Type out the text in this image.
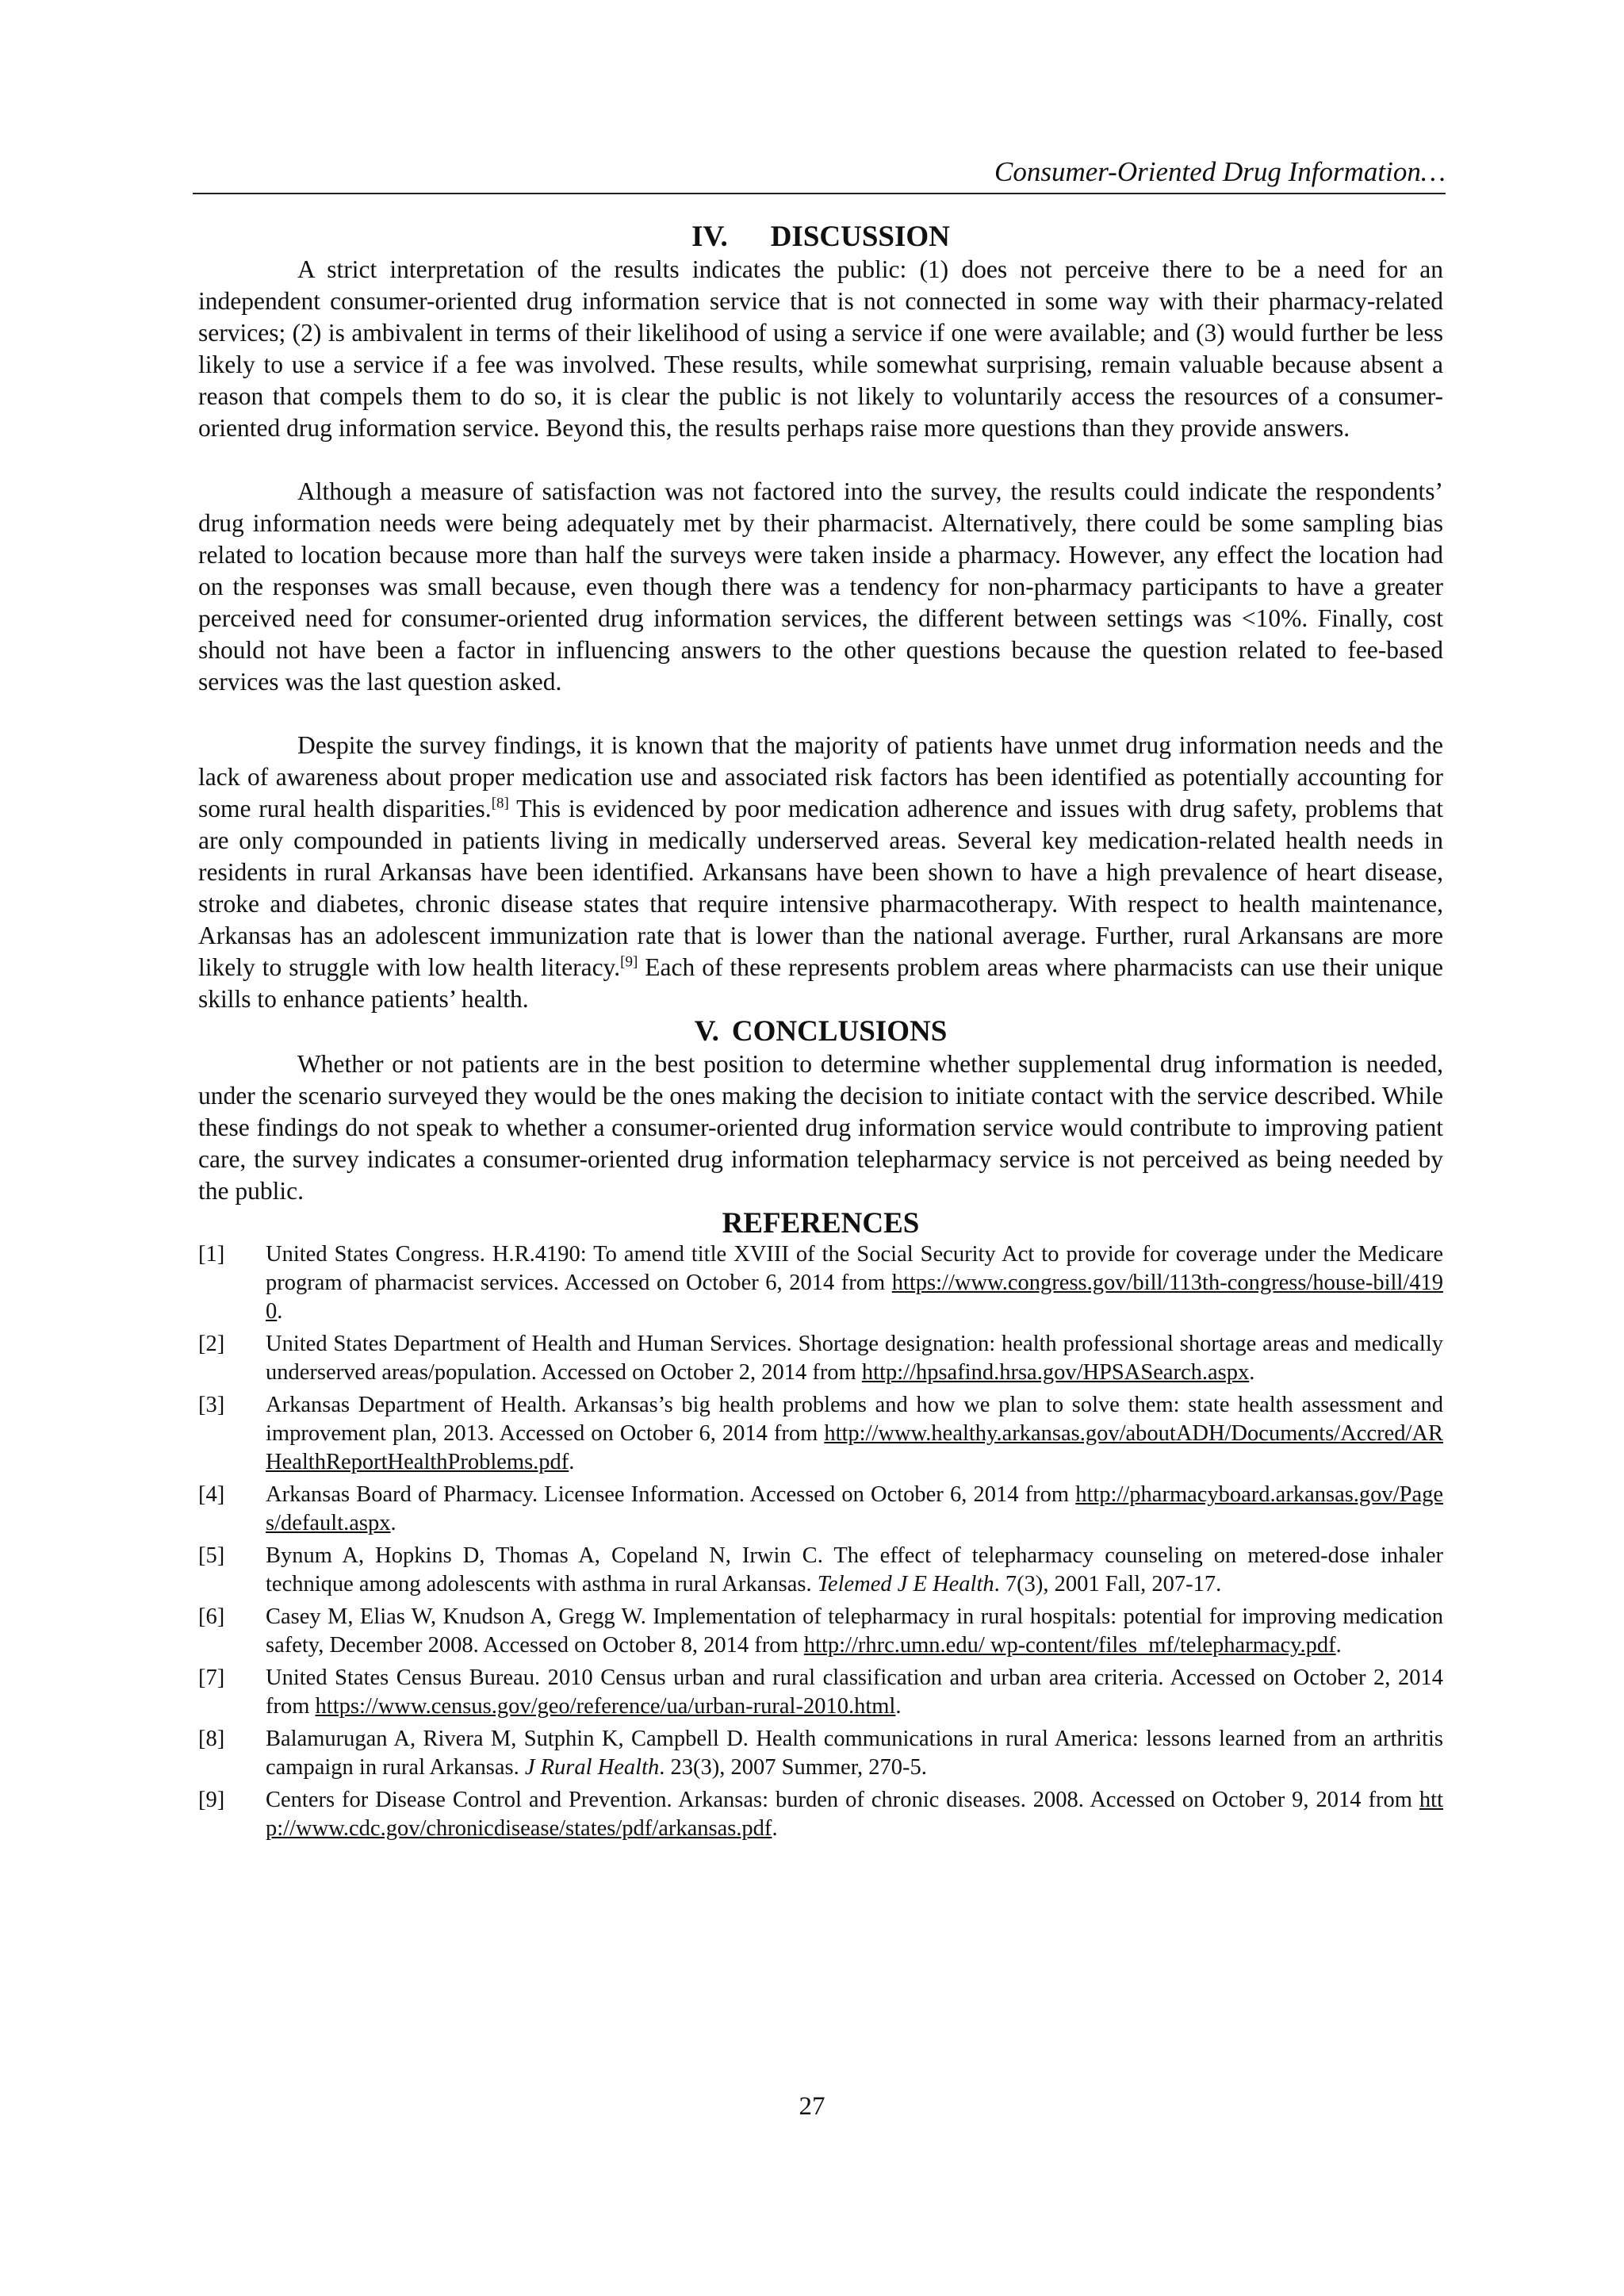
Consumer-Oriented Drug Information…
IV. DISCUSSION

A strict interpretation of the results indicates the public: (1) does not perceive there to be a need for an independent consumer-oriented drug information service that is not connected in some way with their pharmacy-related services; (2) is ambivalent in terms of their likelihood of using a service if one were available; and (3) would further be less likely to use a service if a fee was involved. These results, while somewhat surprising, remain valuable because absent a reason that compels them to do so, it is clear the public is not likely to voluntarily access the resources of a consumer-oriented drug information service. Beyond this, the results perhaps raise more questions than they provide answers.

Although a measure of satisfaction was not factored into the survey, the results could indicate the respondents’ drug information needs were being adequately met by their pharmacist. Alternatively, there could be some sampling bias related to location because more than half the surveys were taken inside a pharmacy. However, any effect the location had on the responses was small because, even though there was a tendency for non-pharmacy participants to have a greater perceived need for consumer-oriented drug information services, the different between settings was <10%. Finally, cost should not have been a factor in influencing answers to the other questions because the question related to fee-based services was the last question asked.

Despite the survey findings, it is known that the majority of patients have unmet drug information needs and the lack of awareness about proper medication use and associated risk factors has been identified as potentially accounting for some rural health disparities.[8] This is evidenced by poor medication adherence and issues with drug safety, problems that are only compounded in patients living in medically underserved areas. Several key medication-related health needs in residents in rural Arkansas have been identified. Arkansans have been shown to have a high prevalence of heart disease, stroke and diabetes, chronic disease states that require intensive pharmacotherapy. With respect to health maintenance, Arkansas has an adolescent immunization rate that is lower than the national average. Further, rural Arkansans are more likely to struggle with low health literacy.[9] Each of these represents problem areas where pharmacists can use their unique skills to enhance patients’ health.

V. CONCLUSIONS

Whether or not patients are in the best position to determine whether supplemental drug information is needed, under the scenario surveyed they would be the ones making the decision to initiate contact with the service described. While these findings do not speak to whether a consumer-oriented drug information service would contribute to improving patient care, the survey indicates a consumer-oriented drug information telepharmacy service is not perceived as being needed by the public.

REFERENCES
[1] United States Congress. H.R.4190: To amend title XVIII of the Social Security Act to provide for coverage under the Medicare program of pharmacist services. Accessed on October 6, 2014 from https://www.congress.gov/bill/113th-congress/house-bill/4190.
[2] United States Department of Health and Human Services. Shortage designation: health professional shortage areas and medically underserved areas/population. Accessed on October 2, 2014 from http://hpsafind.hrsa.gov/HPSASearch.aspx.
[3] Arkansas Department of Health. Arkansas’s big health problems and how we plan to solve them: state health assessment and improvement plan, 2013. Accessed on October 6, 2014 from http://www.healthy.arkansas.gov/aboutADH/Documents/Accred/ARHealthReportHealthProblems.pdf.
[4] Arkansas Board of Pharmacy. Licensee Information. Accessed on October 6, 2014 from http://pharmacyboard.arkansas.gov/Pages/default.aspx.
[5] Bynum A, Hopkins D, Thomas A, Copeland N, Irwin C. The effect of telepharmacy counseling on metered-dose inhaler technique among adolescents with asthma in rural Arkansas. Telemed J E Health. 7(3), 2001 Fall, 207-17.
[6] Casey M, Elias W, Knudson A, Gregg W. Implementation of telepharmacy in rural hospitals: potential for improving medication safety, December 2008. Accessed on October 8, 2014 from http://rhrc.umn.edu/ wp-content/files_mf/telepharmacy.pdf.
[7] United States Census Bureau. 2010 Census urban and rural classification and urban area criteria. Accessed on October 2, 2014 from https://www.census.gov/geo/reference/ua/urban-rural-2010.html.
[8] Balamurugan A, Rivera M, Sutphin K, Campbell D. Health communications in rural America: lessons learned from an arthritis campaign in rural Arkansas. J Rural Health. 23(3), 2007 Summer, 270-5.
[9] Centers for Disease Control and Prevention. Arkansas: burden of chronic diseases. 2008. Accessed on October 9, 2014 from http://www.cdc.gov/chronicdisease/states/pdf/arkansas.pdf.
27
